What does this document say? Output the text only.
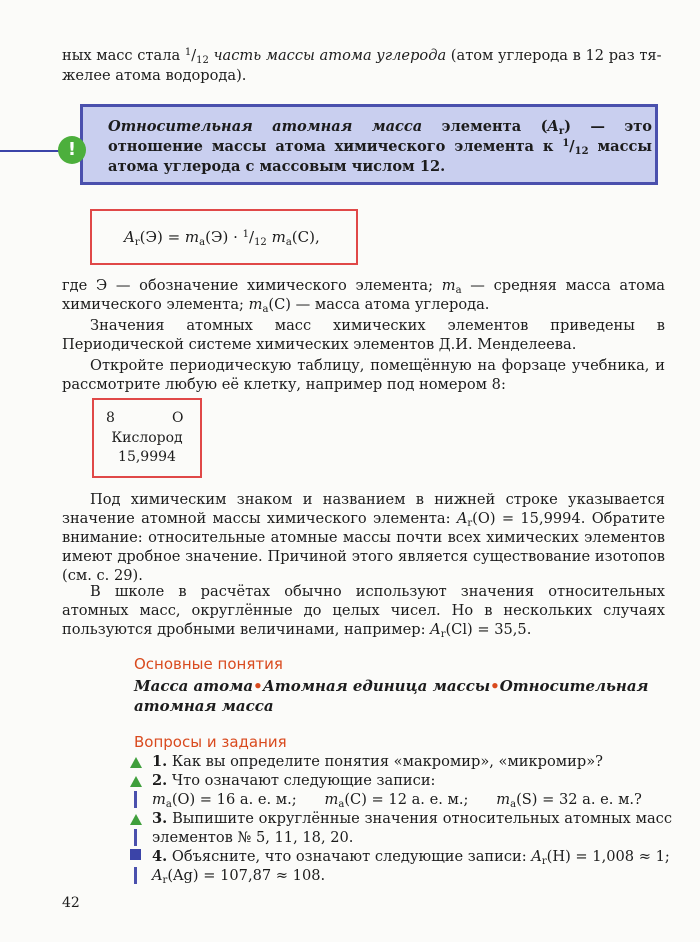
ных масс стала $^1/_{12}$ часть массы атома углерода (атом углерода в 12 раз тя-

желее атома водорода).

!

Относительная атомная масса элемента $(A_r)$ — это отношение массы атома химического элемента к $^1/_{12}$ массы атома углерода с массовым числом 12.

$A_r(Э) = m_a(Э) \cdot ^1/_{12}$ $m_a(C)$,

где Э — обозначение химического элемента; $m_a$ — средняя масса атома химического элемента; $m_a(C)$ — масса атома углерода.

Значения атомных масс химических элементов приведены в Периодической системе химических элементов Д.И. Менделеева.

Откройте периодическую таблицу, помещённую на форзаце учебника, и рассмотрите любую её клетку, например под номером 8:

8	O
Кислород
15,9994

Под химическим знаком и названием в нижней строке указывается значение атомной массы химического элемента: $A_r(O) = 15,9994$. Обратите внимание: относительные атомные массы почти всех химических элементов имеют дробное значение. Причиной этого является существование изотопов (см. с. 29).

В школе в расчётах обычно используют значения относительных атомных масс, округлённые до целых чисел. Но в нескольких случаях пользуются дробными величинами, например: $A_r(Cl) = 35,5$.

Основные понятия

Масса атома•Атомная единица массы•Относительная атомная масса

Вопросы и задания

1. Как вы определите понятия «макромир», «микромир»?

2. Что означают следующие записи:

$m_a(O) = 16$ а. е. м.; $m_a(C) = 12$ а. е. м.; $m_a(S) = 32$ а. е. м.?

3. Выпишите округлённые значения относительных атомных масс элементов № 5, 11, 18, 20.

4. Объясните, что означают следующие записи: $A_r(H) = 1,008 \approx 1$;
$A_r(Ag) = 107,87 \approx 108$.

42
